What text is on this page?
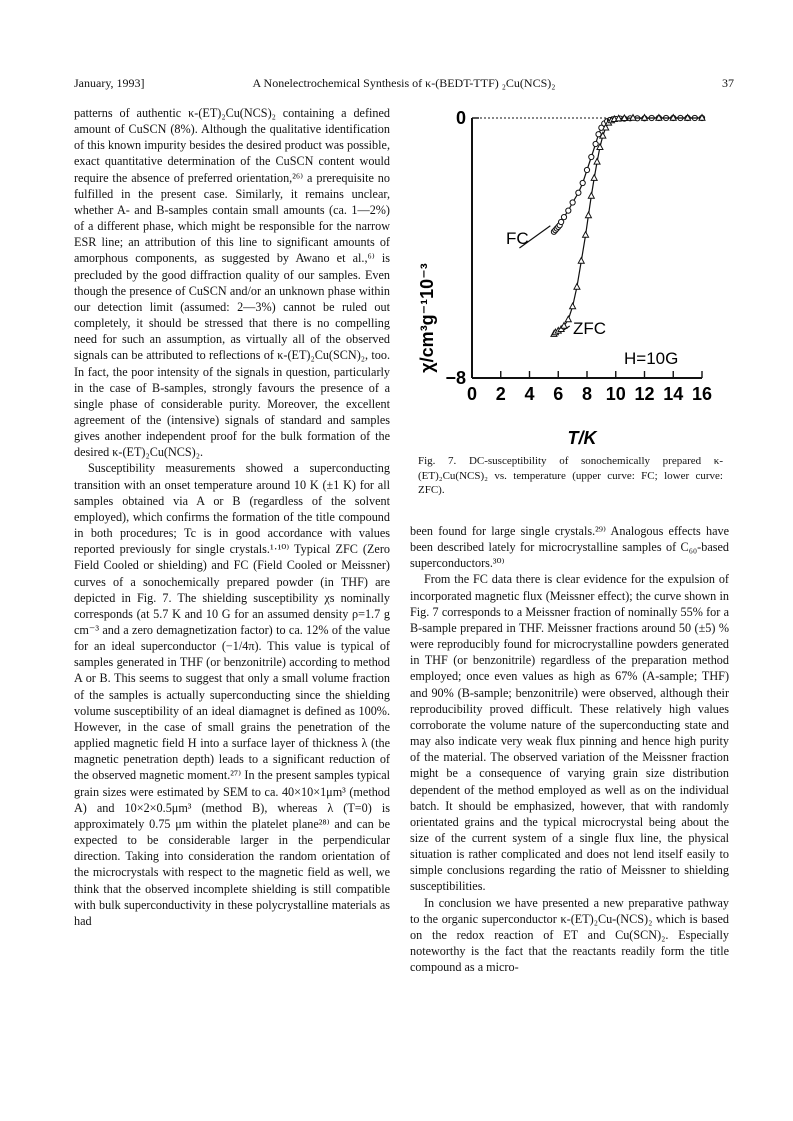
January, 1993]	A Nonelectrochemical Synthesis of κ-(BEDT-TTF) ₂Cu(NCS)₂	37

patterns of authentic κ-(ET)₂Cu(NCS)₂ containing a defined amount of CuSCN (8%). Although the qualitative identification of this known impurity besides the desired product was possible, exact quantitative determination of the CuSCN content would require the absence of preferred orientation,²⁶⁾ a prerequisite no fulfilled in the present case. Similarly, it remains unclear, whether A- and B-samples contain small amounts (ca. 1—2%) of a different phase, which might be responsible for the narrow ESR line; an attribution of this line to significant amounts of amorphous components, as suggested by Awano et al.,⁶⁾ is precluded by the good diffraction quality of our samples. Even though the presence of CuSCN and/or an unknown phase within our detection limit (assumed: 2—3%) cannot be ruled out completely, it should be stressed that there is no compelling need for such an assumption, as virtually all of the observed signals can be attributed to reflections of κ-(ET)₂Cu(SCN)₂, too. In fact, the poor intensity of the signals in question, particularly in the case of B-samples, strongly favours the presence of a single phase of considerable purity. Moreover, the excellent agreement of the (intensive) signals of standard and samples gives another independent proof for the bulk formation of the desired κ-(ET)₂Cu(NCS)₂.

Susceptibility measurements showed a superconducting transition with an onset temperature around 10 K (±1 K) for all samples obtained via A or B (regardless of the solvent employed), which confirms the formation of the title compound in both procedures; Tc is in good accordance with values reported previously for single crystals.¹·¹⁰⁾ Typical ZFC (Zero Field Cooled or shielding) and FC (Field Cooled or Meissner) curves of a sonochemically prepared powder (in THF) are depicted in Fig. 7. The shielding susceptibility χs nominally corresponds (at 5.7 K and 10 G for an assumed density ρ=1.7 g cm⁻³ and a zero demagnetization factor) to ca. 12% of the value for an ideal superconductor (−1/4π). This value is typical of samples generated in THF (or benzonitrile) according to method A or B. This seems to suggest that only a small volume fraction of the samples is actually superconducting since the shielding volume susceptibility of an ideal diamagnet is defined as 100%. However, in the case of small grains the penetration of the applied magnetic field H into a surface layer of thickness λ (the magnetic penetration depth) leads to a significant reduction of the observed magnetic moment.²⁷⁾ In the present samples typical grain sizes were estimated by SEM to ca. 40×10×1μm³ (method A) and 10×2×0.5μm³ (method B), whereas λ (T=0) is approximately 0.75 μm within the platelet plane²⁸⁾ and can be expected to be considerable larger in the perpendicular direction. Taking into consideration the random orientation of the microcrystals with respect to the magnetic field as well, we think that the observed incomplete shielding is still compatible with bulk superconductivity in these polycrystalline materials as had

0 2 4 6 8 10 12 14 16
0
−8
χ/cm³g⁻¹10⁻³
T/K
FC
ZFC
H=10G
Fig. 7. DC-susceptibility of sonochemically prepared κ-(ET)₂Cu(NCS)₂ vs. temperature (upper curve: FC; lower curve: ZFC).

been found for large single crystals.²⁹⁾ Analogous effects have been described lately for microcrystalline samples of C₆₀-based superconductors.³⁰⁾

From the FC data there is clear evidence for the expulsion of incorporated magnetic flux (Meissner effect); the curve shown in Fig. 7 corresponds to a Meissner fraction of nominally 55% for a B-sample prepared in THF. Meissner fractions around 50 (±5) % were reproducibly found for microcrystalline powders generated in THF (or benzonitrile) regardless of the preparation method employed; once even values as high as 67% (A-sample; THF) and 90% (B-sample; benzonitrile) were observed, although their reproducibility proved difficult. These relatively high values corroborate the volume nature of the superconducting state and may also indicate very weak flux pinning and hence high purity of the material. The observed variation of the Meissner fraction might be a consequence of varying grain size distribution dependent of the method employed as well as on the individual batch. It should be emphasized, however, that with randomly orientated grains and the typical microcrystal being about the size of the current system of a single flux line, the physical situation is rather complicated and does not lend itself easily to simple conclusions regarding the ratio of Meissner to shielding susceptibilities.

In conclusion we have presented a new preparative pathway to the organic superconductor κ-(ET)₂Cu-(NCS)₂ which is based on the redox reaction of ET and Cu(SCN)₂. Especially noteworthy is the fact that the reactants readily form the title compound as a micro-
